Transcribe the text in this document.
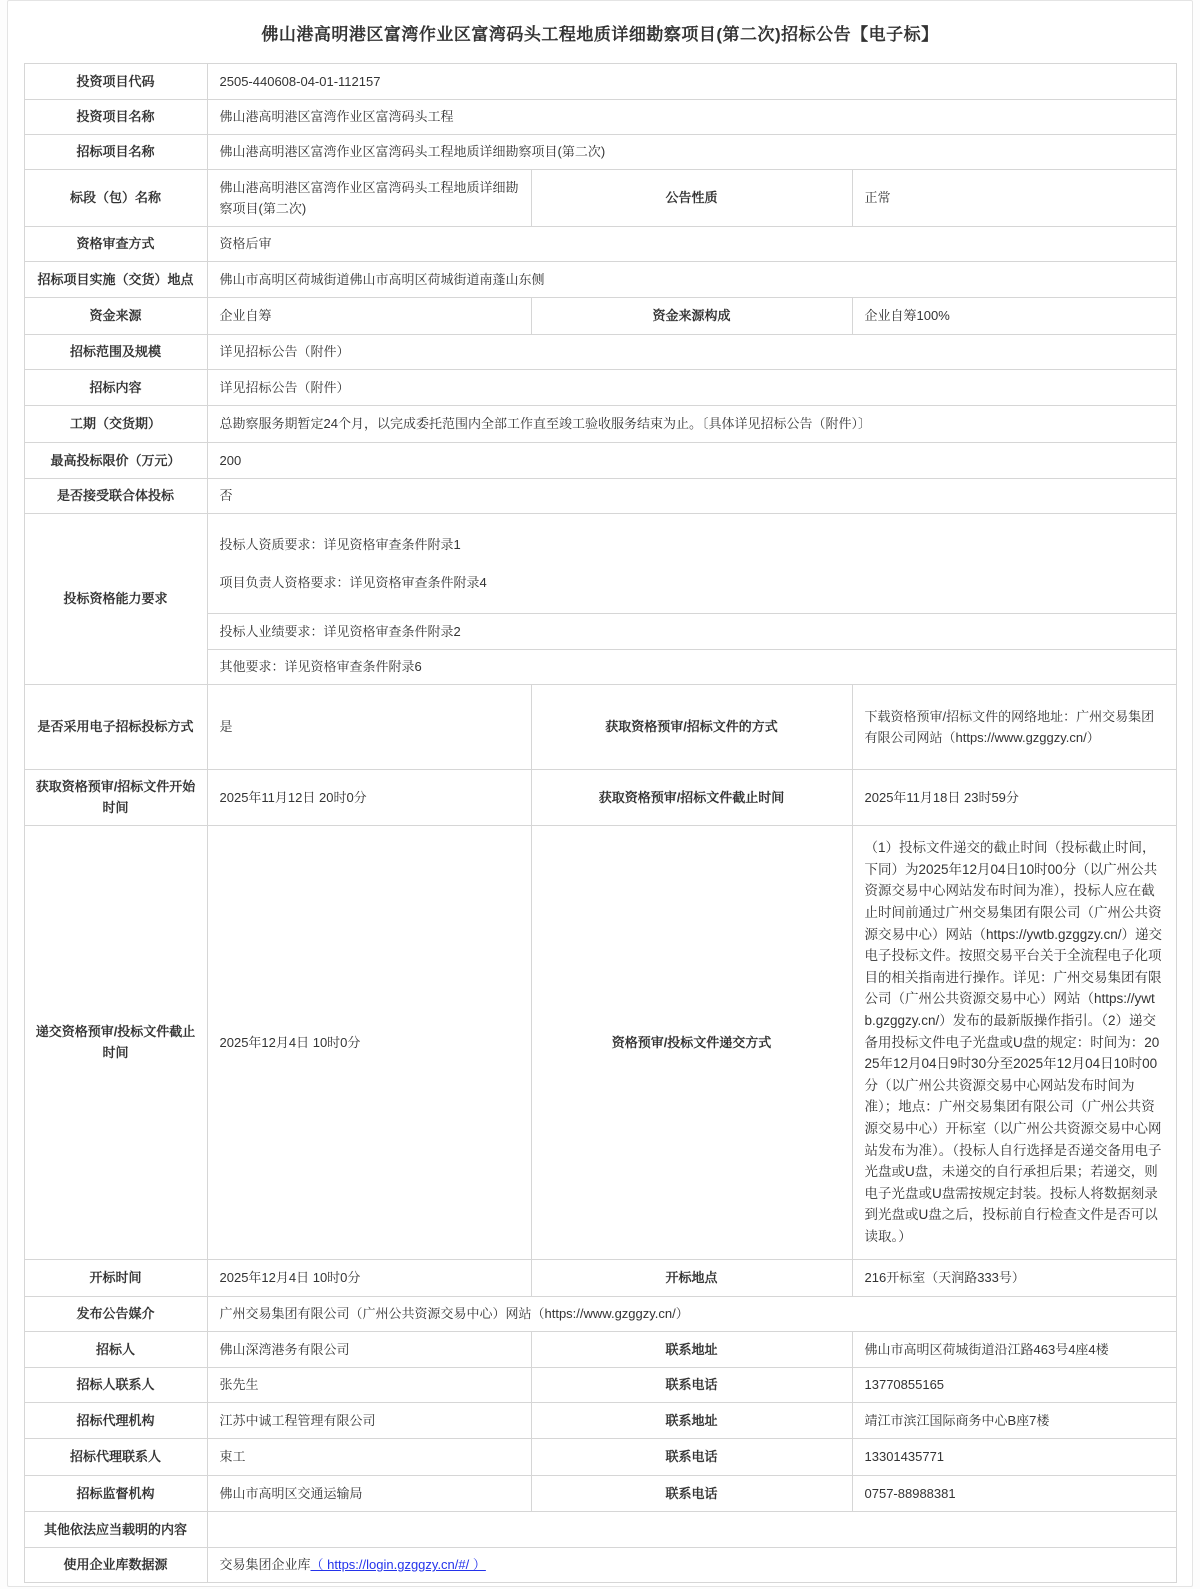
佛山港高明港区富湾作业区富湾码头工程地质详细勘察项目(第二次)招标公告【电子标】
投资项目代码	2505-440608-04-01-112157		
投资项目名称	佛山港高明港区富湾作业区富湾码头工程		
招标项目名称	佛山港高明港区富湾作业区富湾码头工程地质详细勘察项目(第二次)		
标段（包）名称	佛山港高明港区富湾作业区富湾码头工程地质详细勘察项目(第二次)	公告性质	正常
资格审查方式	资格后审		
招标项目实施（交货）地点	佛山市高明区荷城街道佛山市高明区荷城街道南蓬山东侧		
资金来源	企业自筹	资金来源构成	企业自筹100%
招标范围及规模	详见招标公告（附件）		
招标内容	详见招标公告（附件）		
工期（交货期）	总勘察服务期暂定24个月，以完成委托范围内全部工作直至竣工验收服务结束为止。〔具体详见招标公告（附件）〕		
最高投标限价（万元）	200		
是否接受联合体投标	否		
投标资格能力要求	投标人资质要求：详见资格审查条件附录1
项目负责人资格要求：详见资格审查条件附录4		

	投标人业绩要求：详见资格审查条件附录2		
	其他要求：详见资格审查条件附录6		
是否采用电子招标投标方式	是	获取资格预审/招标文件的方式	下载资格预审/招标文件的网络地址：广州交易集团有限公司网站（https://www.gzggzy.cn/）
获取资格预审/招标文件开始时间	2025年11月12日 20时0分	获取资格预审/招标文件截止时间	2025年11月18日 23时59分
递交资格预审/投标文件截止时间	2025年12月4日 10时0分	资格预审/投标文件递交方式	（1）投标文件递交的截止时间（投标截止时间，下同）为2025年12月04日10时00分（以广州公共资源交易中心网站发布时间为准），投标人应在截止时间前通过广州交易集团有限公司（广州公共资源交易中心）网站（https://ywtb.gzggzy.cn/）递交电子投标文件。按照交易平台关于全流程电子化项目的相关指南进行操作。详见：广州交易集团有限公司（广州公共资源交易中心）网站（https://ywtb.gzggzy.cn/）发布的最新版操作指引。（2）递交备用投标文件电子光盘或U盘的规定：时间为：2025年12月04日9时30分至2025年12月04日10时00分（以广州公共资源交易中心网站发布时间为准）；地点：广州交易集团有限公司（广州公共资源交易中心）开标室（以广州公共资源交易中心网站发布为准）。（投标人自行选择是否递交备用电子光盘或U盘，未递交的自行承担后果；若递交，则电子光盘或U盘需按规定封装。投标人将数据刻录到光盘或U盘之后，投标前自行检查文件是否可以读取。）
开标时间	2025年12月4日 10时0分	开标地点	216开标室（天润路333号）
发布公告媒介	广州交易集团有限公司（广州公共资源交易中心）网站（https://www.gzggzy.cn/）		
招标人	佛山深湾港务有限公司	联系地址	佛山市高明区荷城街道沿江路463号4座4楼
招标人联系人	张先生	联系电话	13770855165
招标代理机构	江苏中诚工程管理有限公司	联系地址	靖江市滨江国际商务中心B座7楼
招标代理联系人	束工	联系电话	13301435771
招标监督机构	佛山市高明区交通运输局	联系电话	0757-88988381
其他依法应当载明的内容			
使用企业库数据源	交易集团企业库（ https://login.gzggzy.cn/#/ ）		
